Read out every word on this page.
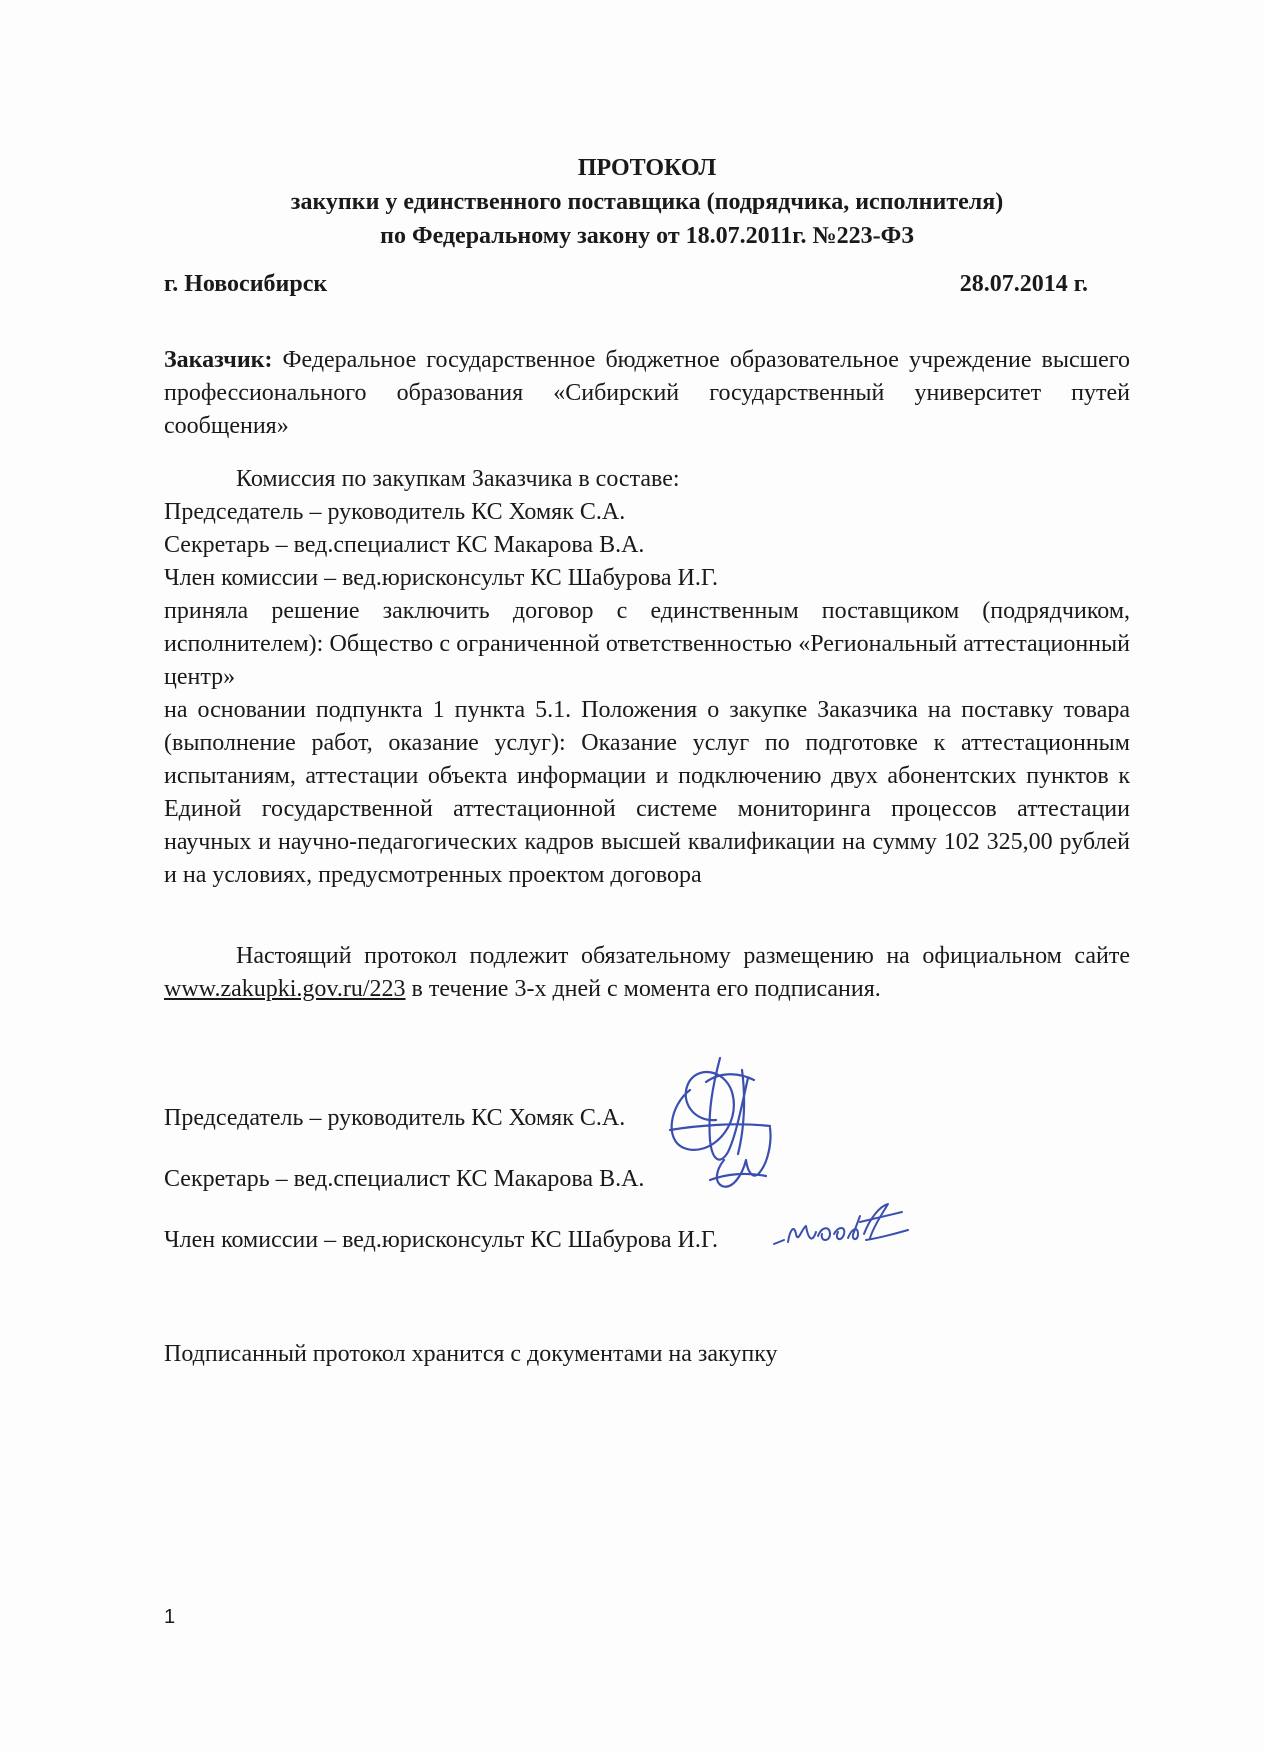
ПРОТОКОЛ
закупки у единственного поставщика (подрядчика, исполнителя)
по Федеральному закону от 18.07.2011г. №223-ФЗ
г. Новосибирск	28.07.2014 г.
Заказчик: Федеральное государственное бюджетное образовательное учреждение высшего профессионального образования «Сибирский государственный университет путей сообщения»
Комиссия по закупкам Заказчика в составе:
Председатель – руководитель КС Хомяк С.А.
Секретарь – вед.специалист КС Макарова В.А.
Член комиссии – вед.юрисконсульт КС Шабурова И.Г.
приняла решение заключить договор с единственным поставщиком (подрядчиком, исполнителем): Общество с ограниченной ответственностью «Региональный аттестационный центр»
на основании подпункта 1 пункта 5.1. Положения о закупке Заказчика на поставку товара (выполнение работ, оказание услуг): Оказание услуг по подготовке к аттестационным испытаниям, аттестации объекта информации и подключению двух абонентских пунктов к Единой государственной аттестационной системе мониторинга процессов аттестации научных и научно-педагогических кадров высшей квалификации на сумму 102 325,00 рублей и на условиях, предусмотренных проектом договора
Настоящий протокол подлежит обязательному размещению на официальном сайте www.zakupki.gov.ru/223 в течение 3-х дней с момента его подписания.
Председатель – руководитель КС Хомяк С.А.
Секретарь – вед.специалист КС Макарова В.А.
Член комиссии – вед.юрисконсульт КС Шабурова И.Г.
Подписанный протокол хранится с документами на закупку
1
